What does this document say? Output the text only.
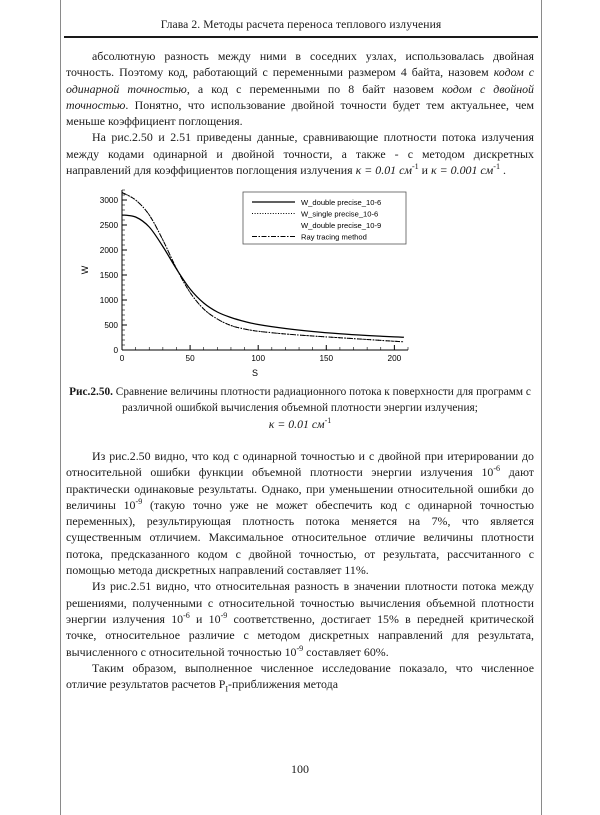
Глава 2. Методы расчета переноса теплового излучения

абсолютную разность между ними в соседних узлах, использовалась двойная точность. Поэтому код, работающий с переменными размером 4 байта, назовем кодом с одинарной точностью, а код с переменными по 8 байт назовем кодом с двойной точностью. Понятно, что использование двойной точности будет тем актуальнее, чем меньше коэффициент поглощения.

На рис.2.50 и 2.51 приведены данные, сравнивающие плотности потока излучения между кодами одинарной и двойной точности, а также - с методом дискретных направлений для коэффициентов поглощения излучения κ = 0.01 $см^{-1}$ и κ = 0.001 $см^{-1}$ .

0
500
1000
1500
2000
2500
3000
0	50	100	150	200
S
W
W_double precise_10-6
W_single precise_10-6
W_double precise_10-9
Ray tracing method

Рис.2.50. Сравнение величины плотности радиационного потока к поверхности для программ с различной ошибкой вычисления объемной плотности энергии излучения;
κ = 0.01 $см^{-1}$

Из рис.2.50 видно, что код с одинарной точностью и с двойной при итерировании до относительной ошибки функции объемной плотности энергии излучения $10^{-6}$ дают практически одинаковые результаты. Однако, при уменьшении относительной ошибки до величины $10^{-9}$ (такую точно уже не может обеспечить код с одинарной точностью переменных), результирующая плотность потока меняется на 7%, что является существенным отличием. Максимальное относительное отличие величины плотности потока, предсказанного кодом с двойной точностью, от результата, рассчитанного с помощью метода дискретных направлений составляет 11%.

Из рис.2.51 видно, что относительная разность в значении плотности потока между решениями, полученными с относительной точностью вычисления объемной плотности энергии излучения $10^{-6}$ и $10^{-9}$ соответственно, достигает 15% в передней критической точке, относительное различие с методом дискретных направлений для результата, вычисленного с относительной точностью $10^{-9}$ составляет 60%.

Таким образом, выполненное численное исследование показало, что численное отличие результатов расчетов $P_I$-приближения метода

100
